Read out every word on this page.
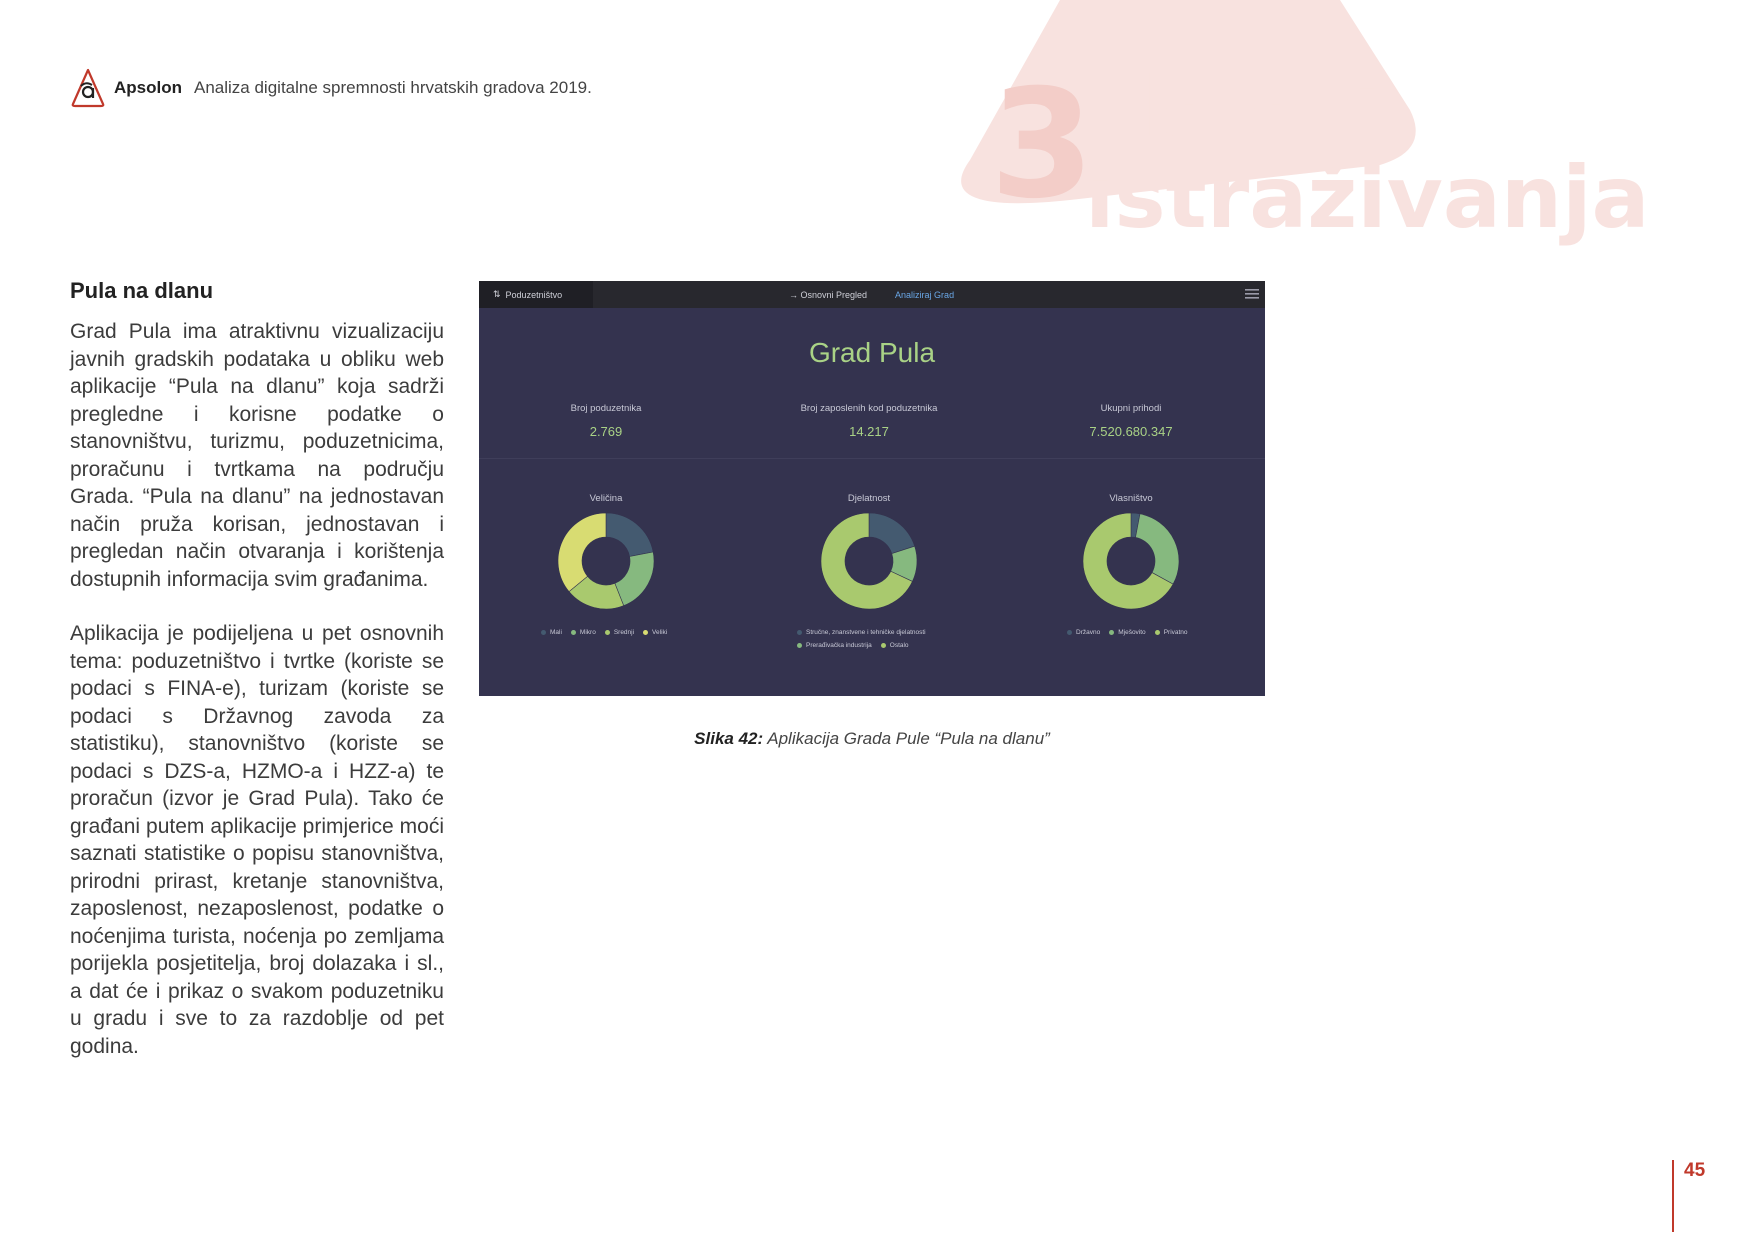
Nalazi
istraživanja
3
Apsolon Analiza digitalne spremnosti hrvatskih gradova 2019.
Pula na dlanu

Grad Pula ima atraktivnu vizualizaciju javnih gradskih podataka u obliku web aplikacije “Pula na dlanu” koja sadrži pregledne i korisne podatke o stanovništvu, turizmu, poduzetnicima, proračunu i tvrtkama na području Grada. “Pula na dlanu” na jednostavan način pruža korisan, jednostavan i pregledan način otvaranja i korištenja dostupnih informacija svim građanima.

Aplikacija je podijeljena u pet osnovnih tema: poduzetništvo i tvrtke (koriste se podaci s FINA-e), turizam (koriste se podaci s Državnog zavoda za statistiku), stanovništvo (koriste se podaci s DZS-a, HZMO-a i HZZ-a) te proračun (izvor je Grad Pula). Tako će građani putem aplikacije primjerice moći saznati statistike o popisu stanovništva, prirodni prirast, kretanje stanovništva, zaposlenost, nezaposlenost, podatke o noćenjima turista, noćenja po zemljama porijekla posjetitelja, broj dolazaka i sl., a dat će i prikaz o svakom poduzetniku u gradu i sve to za razdoblje od pet godina.

⇅ Poduzetništvo	→ Osnovni Pregled	Analiziraj Grad
Grad Pula
Broj poduzetnika
2.769
Broj zaposlenih kod poduzetnika
14.217
Ukupni prihodi
7.520.680.347
Veličina	Djelatnost	Vlasništvo
Mali	Mikro	Srednji	Veliki	Stručne, znanstvene i tehničke djelatnosti
Prerađivačka industrija	Ostalo
Državno	Mješovito	Privatno
Slika 42: Aplikacija Grada Pule “Pula na dlanu”
45
